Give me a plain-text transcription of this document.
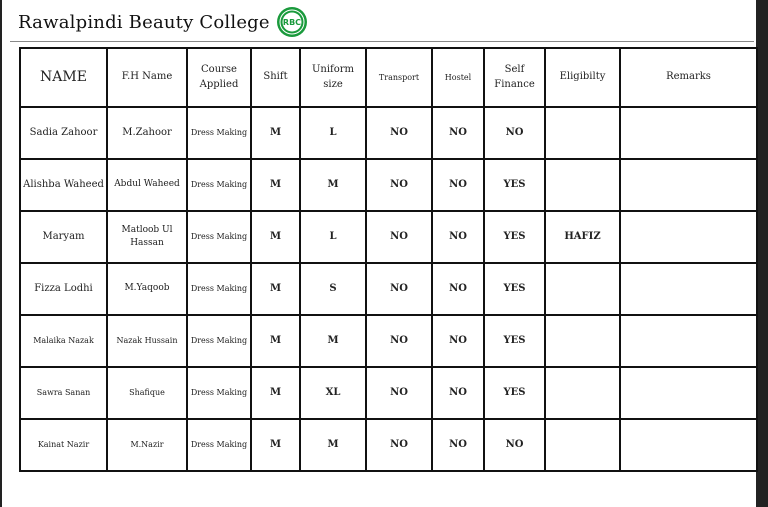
Rawalpindi Beauty College RBC
NAME	F.H Name	Course Applied	Shift	Uniform size	Transport	Hostel	Self Finance	Eligibilty	Remarks
Sadia Zahoor	M.Zahoor	Dress Making	M	L	NO	NO	NO		
Alishba Waheed	Abdul Waheed	Dress Making	M	M	NO	NO	YES		
Maryam	Matloob Ul Hassan	Dress Making	M	L	NO	NO	YES	HAFIZ	
Fizza Lodhi	M.Yaqoob	Dress Making	M	S	NO	NO	YES		
Malaika Nazak	Nazak Hussain	Dress Making	M	M	NO	NO	YES		
Sawra Sanan	Shafique	Dress Making	M	XL	NO	NO	YES		
Kainat Nazir	M.Nazir	Dress Making	M	M	NO	NO	NO		
